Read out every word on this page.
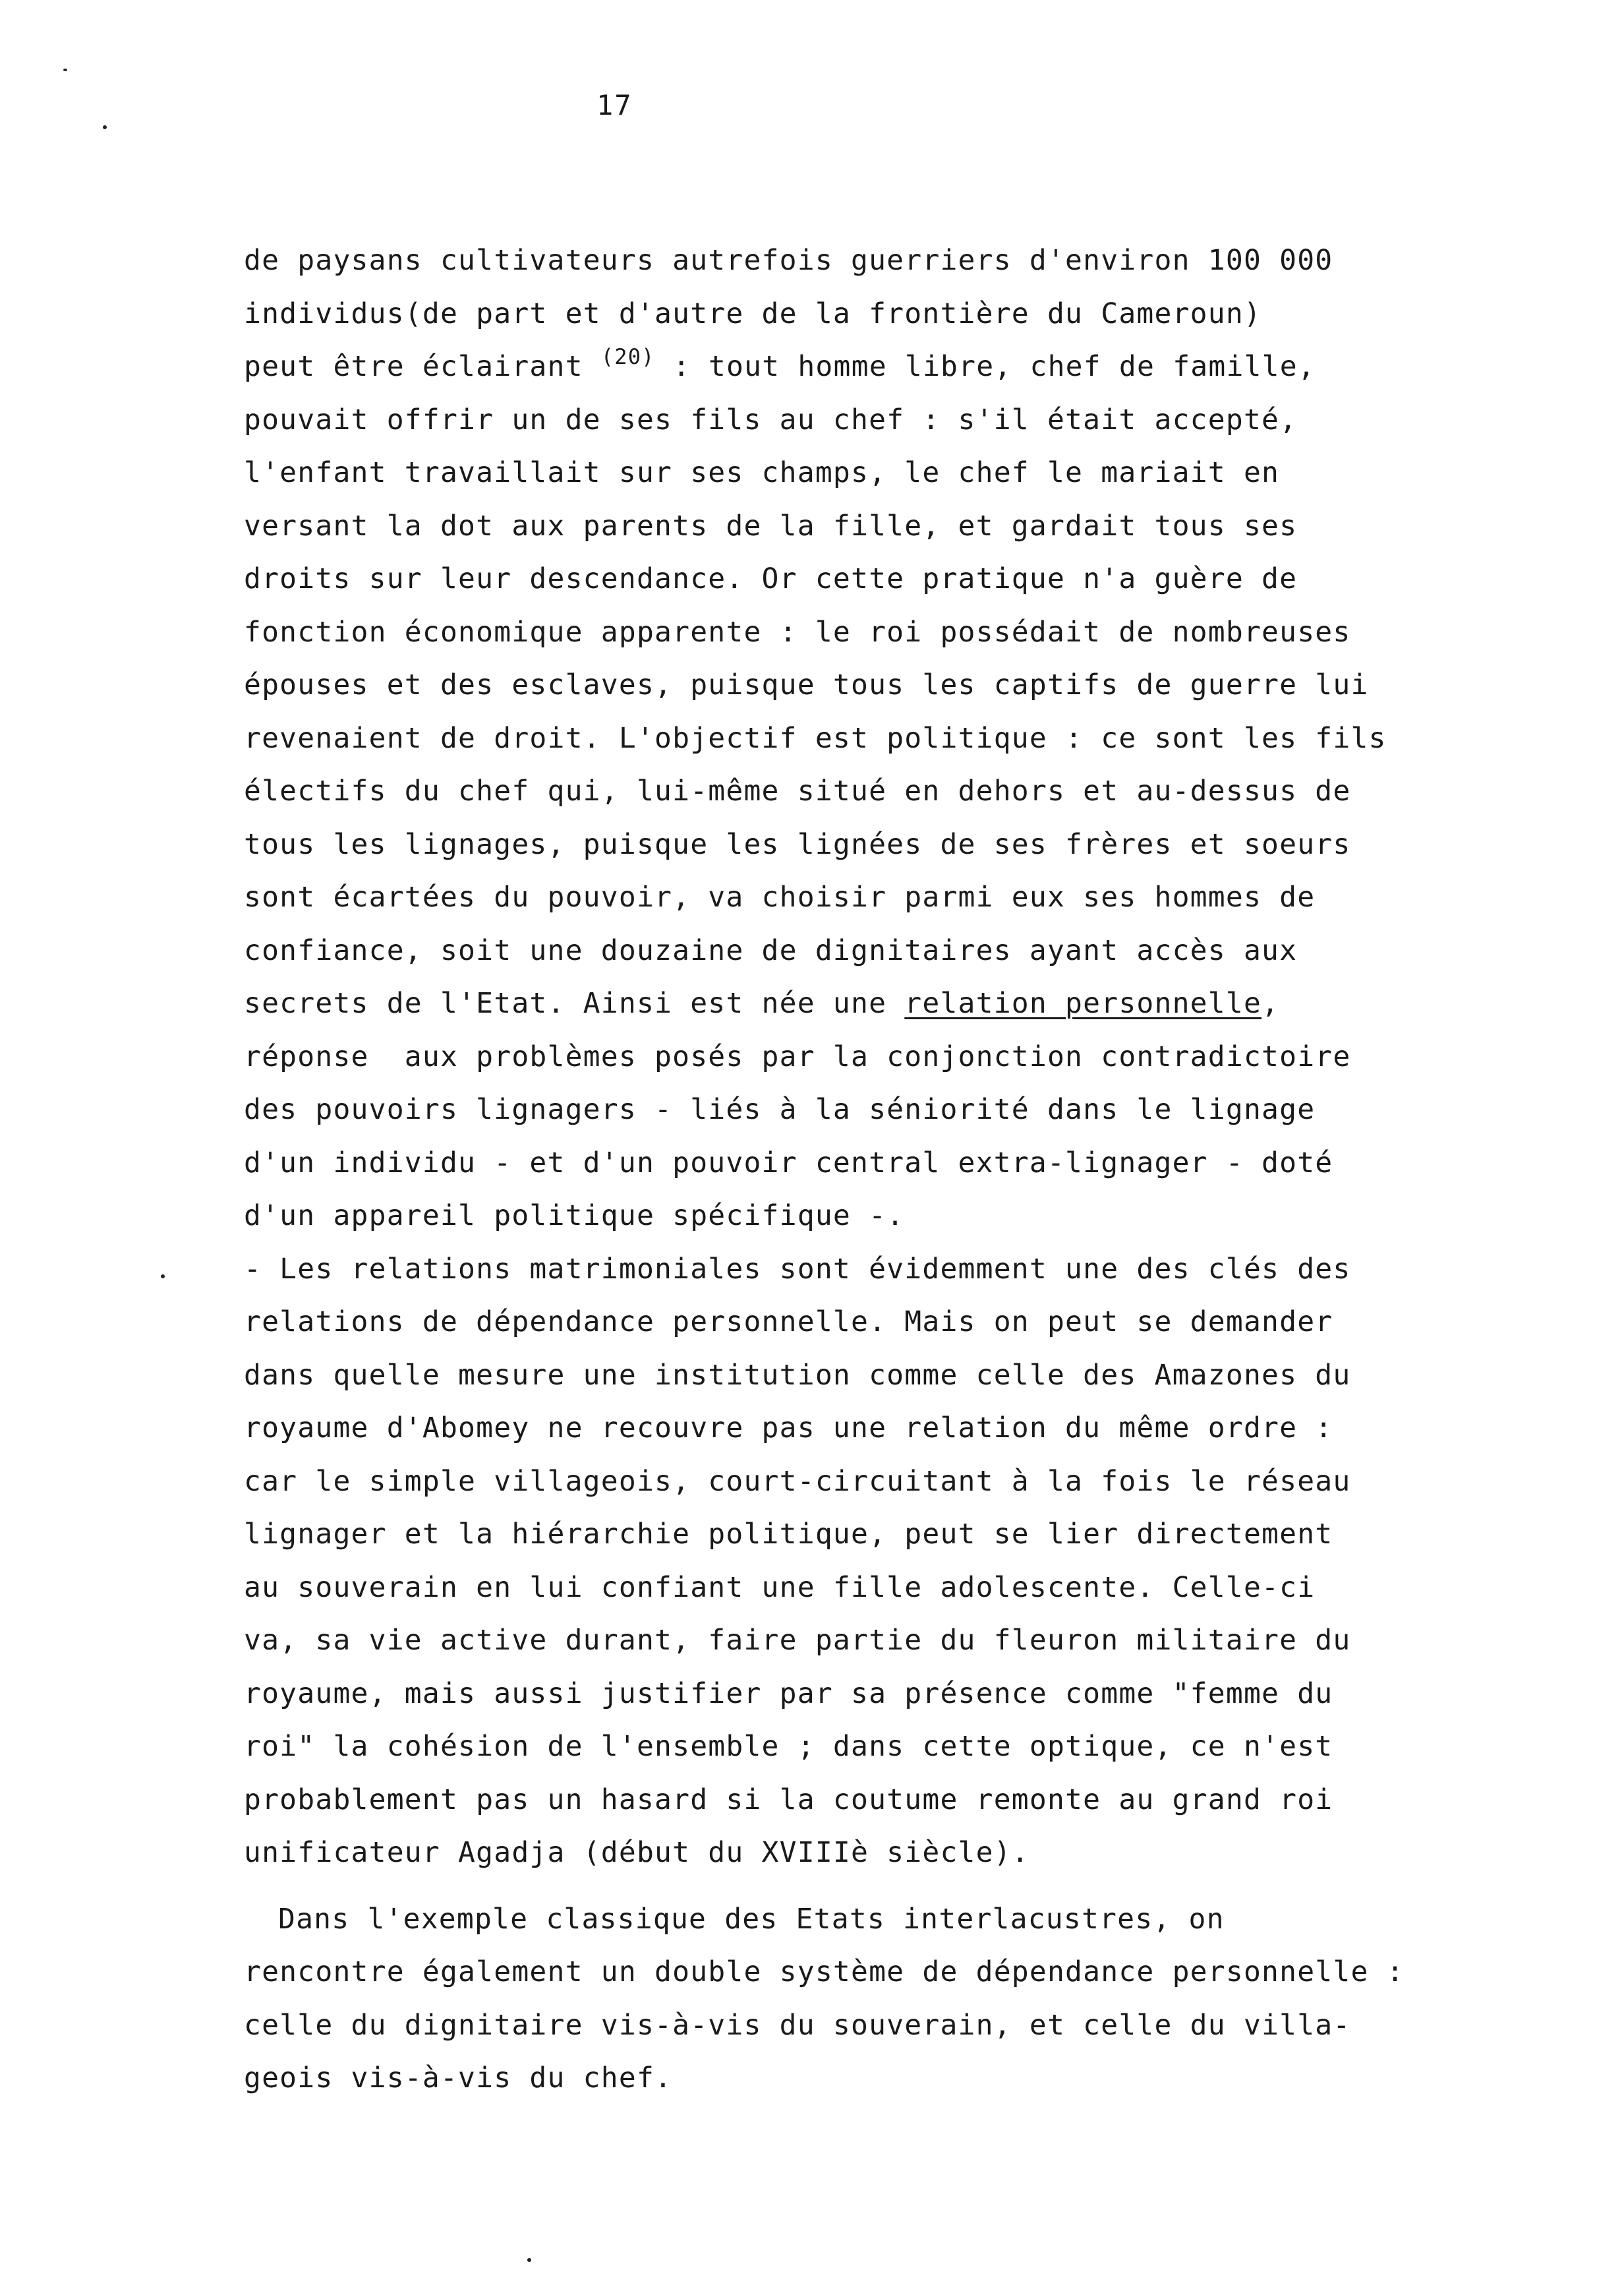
17
de paysans cultivateurs autrefois guerriers d'environ 100 000
individus(de part et d'autre de la frontière du Cameroun)
peut être éclairant $^{(20)}$ : tout homme libre, chef de famille,
pouvait offrir un de ses fils au chef : s'il était accepté,
l'enfant travaillait sur ses champs, le chef le mariait en
versant la dot aux parents de la fille, et gardait tous ses
droits sur leur descendance. Or cette pratique n'a guère de
fonction économique apparente : le roi possédait de nombreuses
épouses et des esclaves, puisque tous les captifs de guerre lui
revenaient de droit. L'objectif est politique : ce sont les fils
électifs du chef qui, lui-même situé en dehors et au-dessus de
tous les lignages, puisque les lignées de ses frères et soeurs
sont écartées du pouvoir, va choisir parmi eux ses hommes de
confiance, soit une douzaine de dignitaires ayant accès aux
secrets de l'Etat. Ainsi est née une relation personnelle,
réponse  aux problèmes posés par la conjonction contradictoire
des pouvoirs lignagers - liés à la séniorité dans le lignage
d'un individu - et d'un pouvoir central extra-lignager - doté
d'un appareil politique spécifique -.
- Les relations matrimoniales sont évidemment une des clés des
relations de dépendance personnelle. Mais on peut se demander
dans quelle mesure une institution comme celle des Amazones du
royaume d'Abomey ne recouvre pas une relation du même ordre :
car le simple villageois, court-circuitant à la fois le réseau
lignager et la hiérarchie politique, peut se lier directement
au souverain en lui confiant une fille adolescente. Celle-ci
va, sa vie active durant, faire partie du fleuron militaire du
royaume, mais aussi justifier par sa présence comme "femme du
roi" la cohésion de l'ensemble ; dans cette optique, ce n'est
probablement pas un hasard si la coutume remonte au grand roi
unificateur Agadja (début du XVIIIè siècle).
Dans l'exemple classique des Etats interlacustres, on
rencontre également un double système de dépendance personnelle :
celle du dignitaire vis-à-vis du souverain, et celle du villa-
geois vis-à-vis du chef.
